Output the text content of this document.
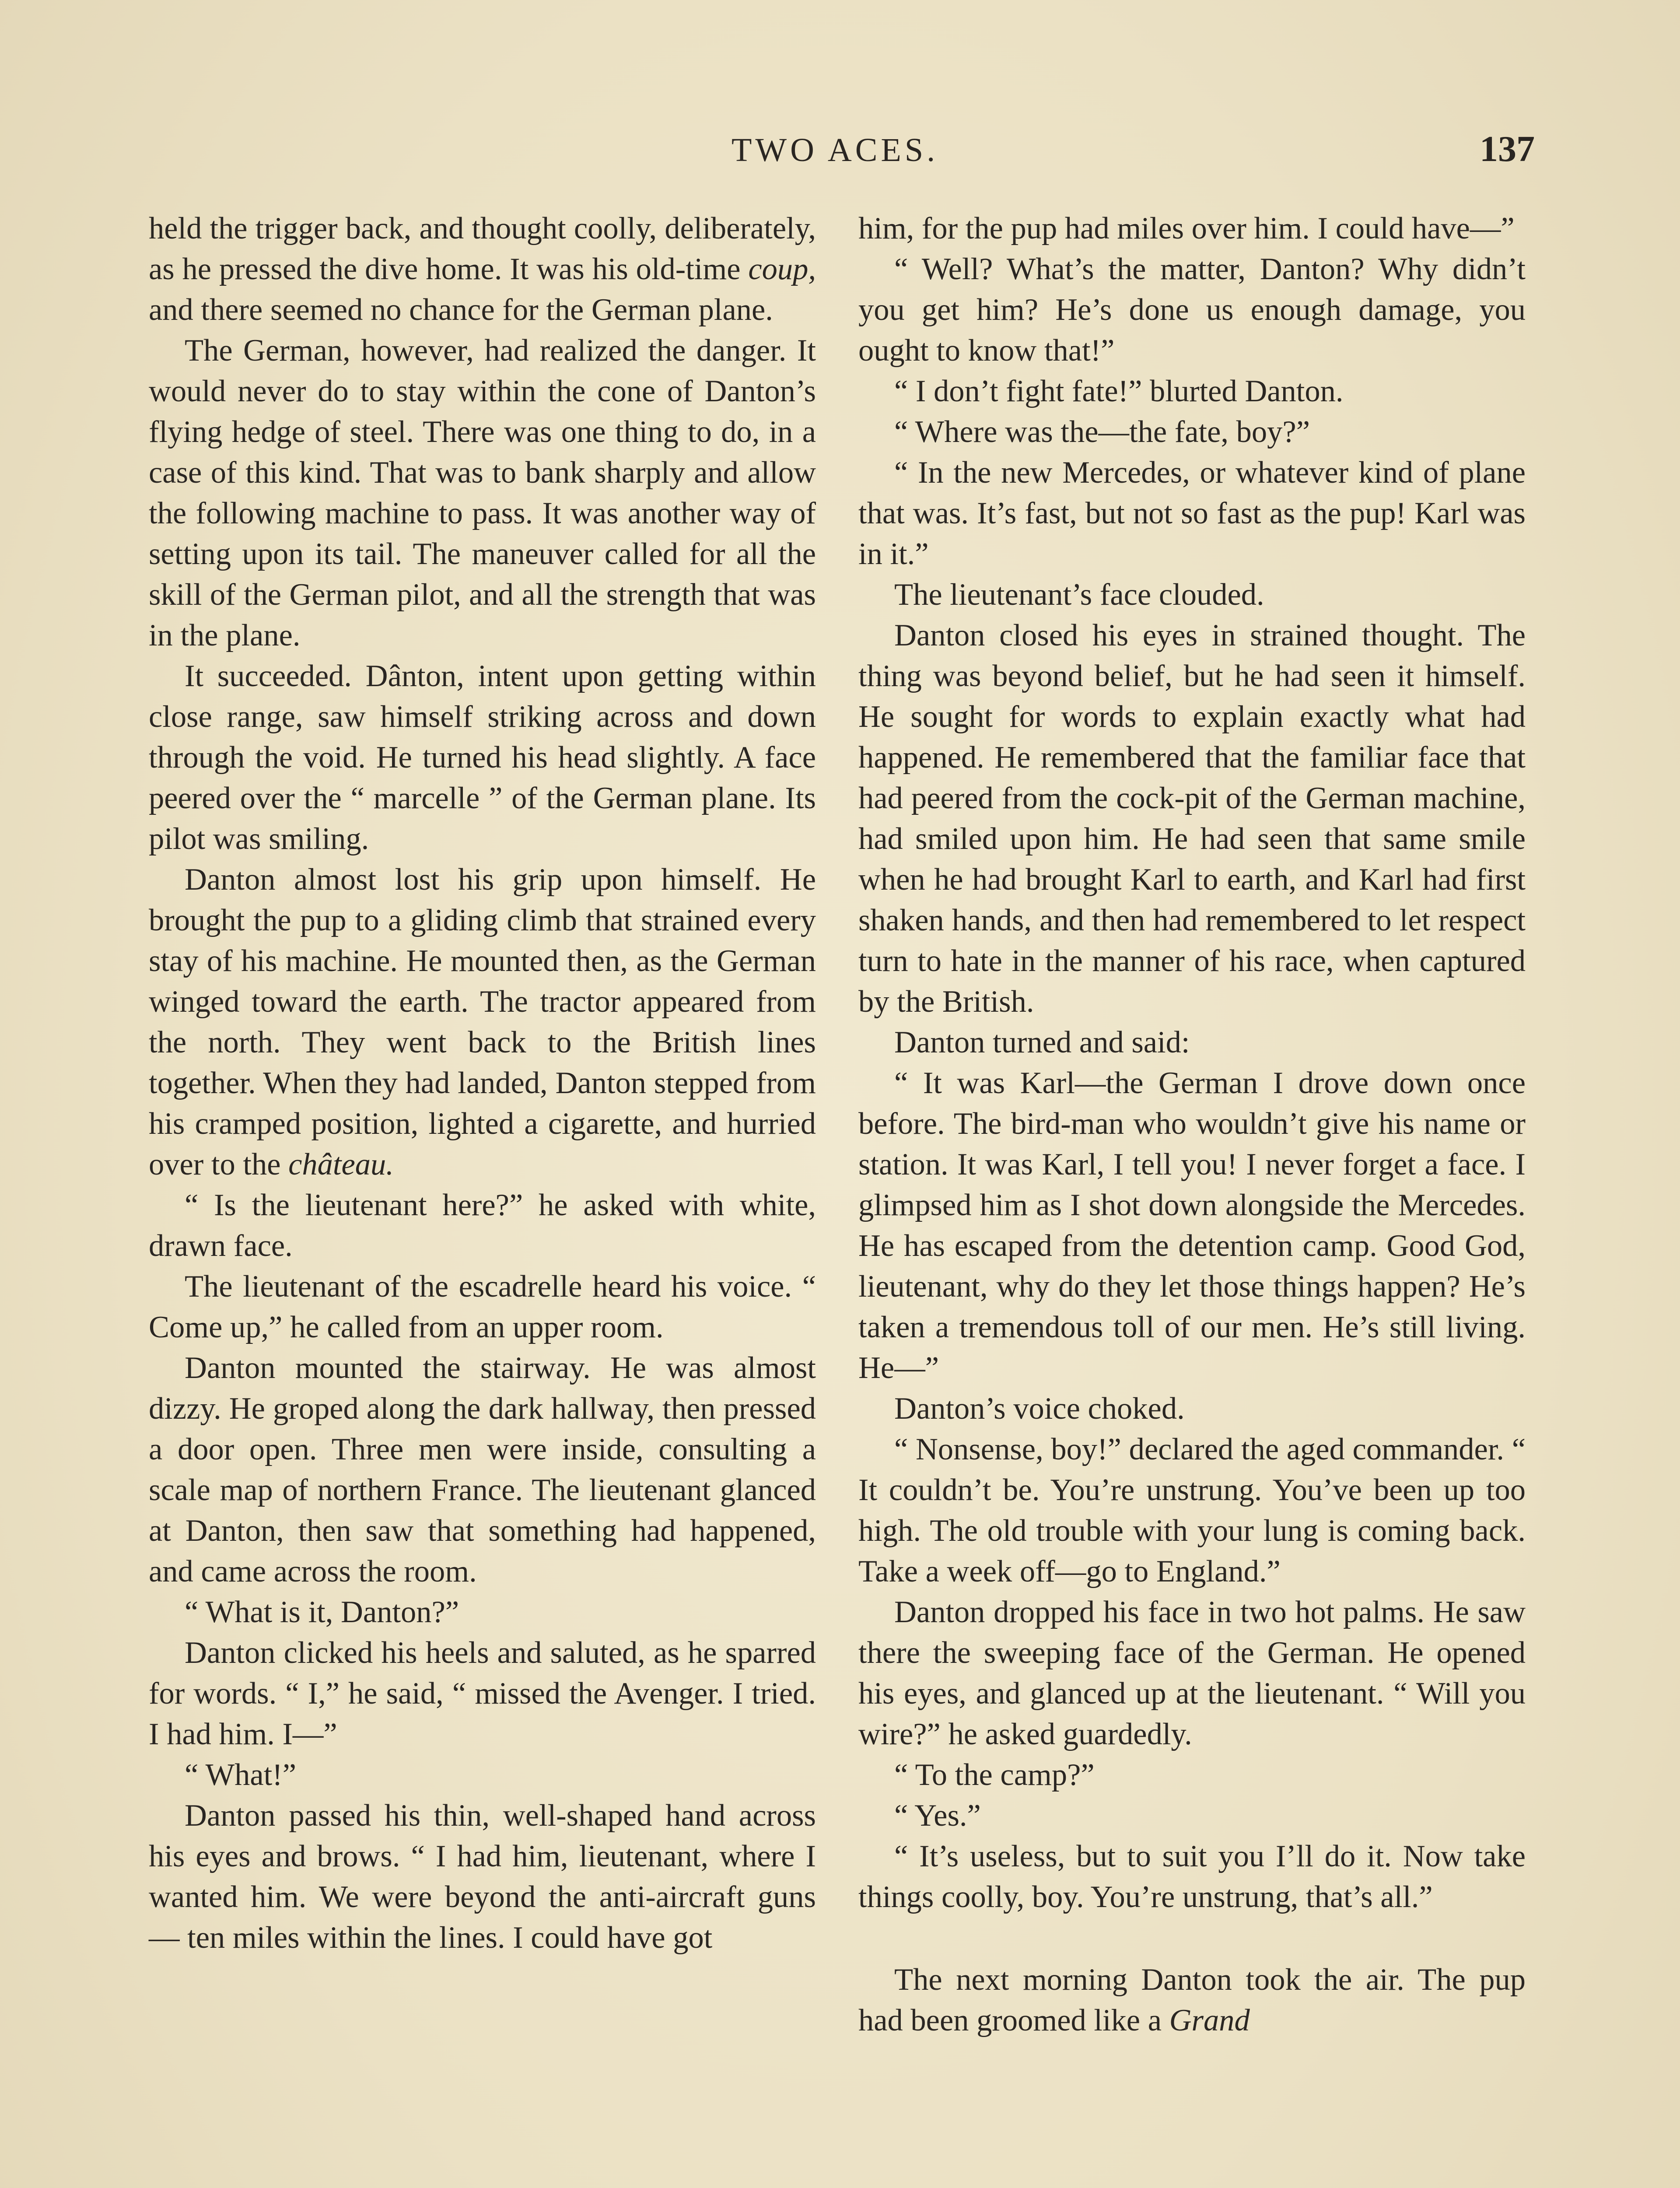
TWO ACES.	137

held the trigger back, and thought coolly, deliberately, as he pressed the dive home. It was his old-time coup, and there seemed no chance for the German plane.

The German, however, had realized the danger. It would never do to stay within the cone of Danton’s flying hedge of steel. There was one thing to do, in a case of this kind. That was to bank sharply and allow the following machine to pass. It was another way of setting upon its tail. The maneuver called for all the skill of the German pilot, and all the strength that was in the plane.

It succeeded. Dânton, intent upon getting within close range, saw himself striking across and down through the void. He turned his head slightly. A face peered over the “ marcelle ” of the German plane. Its pilot was smiling.

Danton almost lost his grip upon himself. He brought the pup to a gliding climb that strained every stay of his machine. He mounted then, as the German winged toward the earth. The tractor appeared from the north. They went back to the British lines together. When they had landed, Danton stepped from his cramped position, lighted a cigarette, and hurried over to the château.

“ Is the lieutenant here?” he asked with white, drawn face.

The lieutenant of the escadrelle heard his voice. “ Come up,” he called from an upper room.

Danton mounted the stairway. He was almost dizzy. He groped along the dark hallway, then pressed a door open. Three men were inside, consulting a scale map of northern France. The lieutenant glanced at Danton, then saw that something had happened, and came across the room.

“ What is it, Danton?”

Danton clicked his heels and saluted, as he sparred for words. “ I,” he said, “ missed the Avenger. I tried. I had him. I—”

“ What!”

Danton passed his thin, well-shaped hand across his eyes and brows. “ I had him, lieutenant, where I wanted him. We were beyond the anti-aircraft guns — ten miles within the lines. I could have got

him, for the pup had miles over him. I could have—”

“ Well? What’s the matter, Danton? Why didn’t you get him? He’s done us enough damage, you ought to know that!”

“ I don’t fight fate!” blurted Danton.

“ Where was the—the fate, boy?”

“ In the new Mercedes, or whatever kind of plane that was. It’s fast, but not so fast as the pup! Karl was in it.”

The lieutenant’s face clouded.

Danton closed his eyes in strained thought. The thing was beyond belief, but he had seen it himself. He sought for words to explain exactly what had happened. He remembered that the familiar face that had peered from the cock-pit of the German machine, had smiled upon him. He had seen that same smile when he had brought Karl to earth, and Karl had first shaken hands, and then had remembered to let respect turn to hate in the manner of his race, when captured by the British.

Danton turned and said:

“ It was Karl—the German I drove down once before. The bird-man who wouldn’t give his name or station. It was Karl, I tell you! I never forget a face. I glimpsed him as I shot down alongside the Mercedes. He has escaped from the detention camp. Good God, lieutenant, why do they let those things happen? He’s taken a tremendous toll of our men. He’s still living. He—”

Danton’s voice choked.

“ Nonsense, boy!” declared the aged commander. “ It couldn’t be. You’re unstrung. You’ve been up too high. The old trouble with your lung is coming back. Take a week off—go to England.”

Danton dropped his face in two hot palms. He saw there the sweeping face of the German. He opened his eyes, and glanced up at the lieutenant. “ Will you wire?” he asked guardedly.

“ To the camp?”

“ Yes.”

“ It’s useless, but to suit you I’ll do it. Now take things coolly, boy. You’re unstrung, that’s all.”

The next morning Danton took the air. The pup had been groomed like a Grand
